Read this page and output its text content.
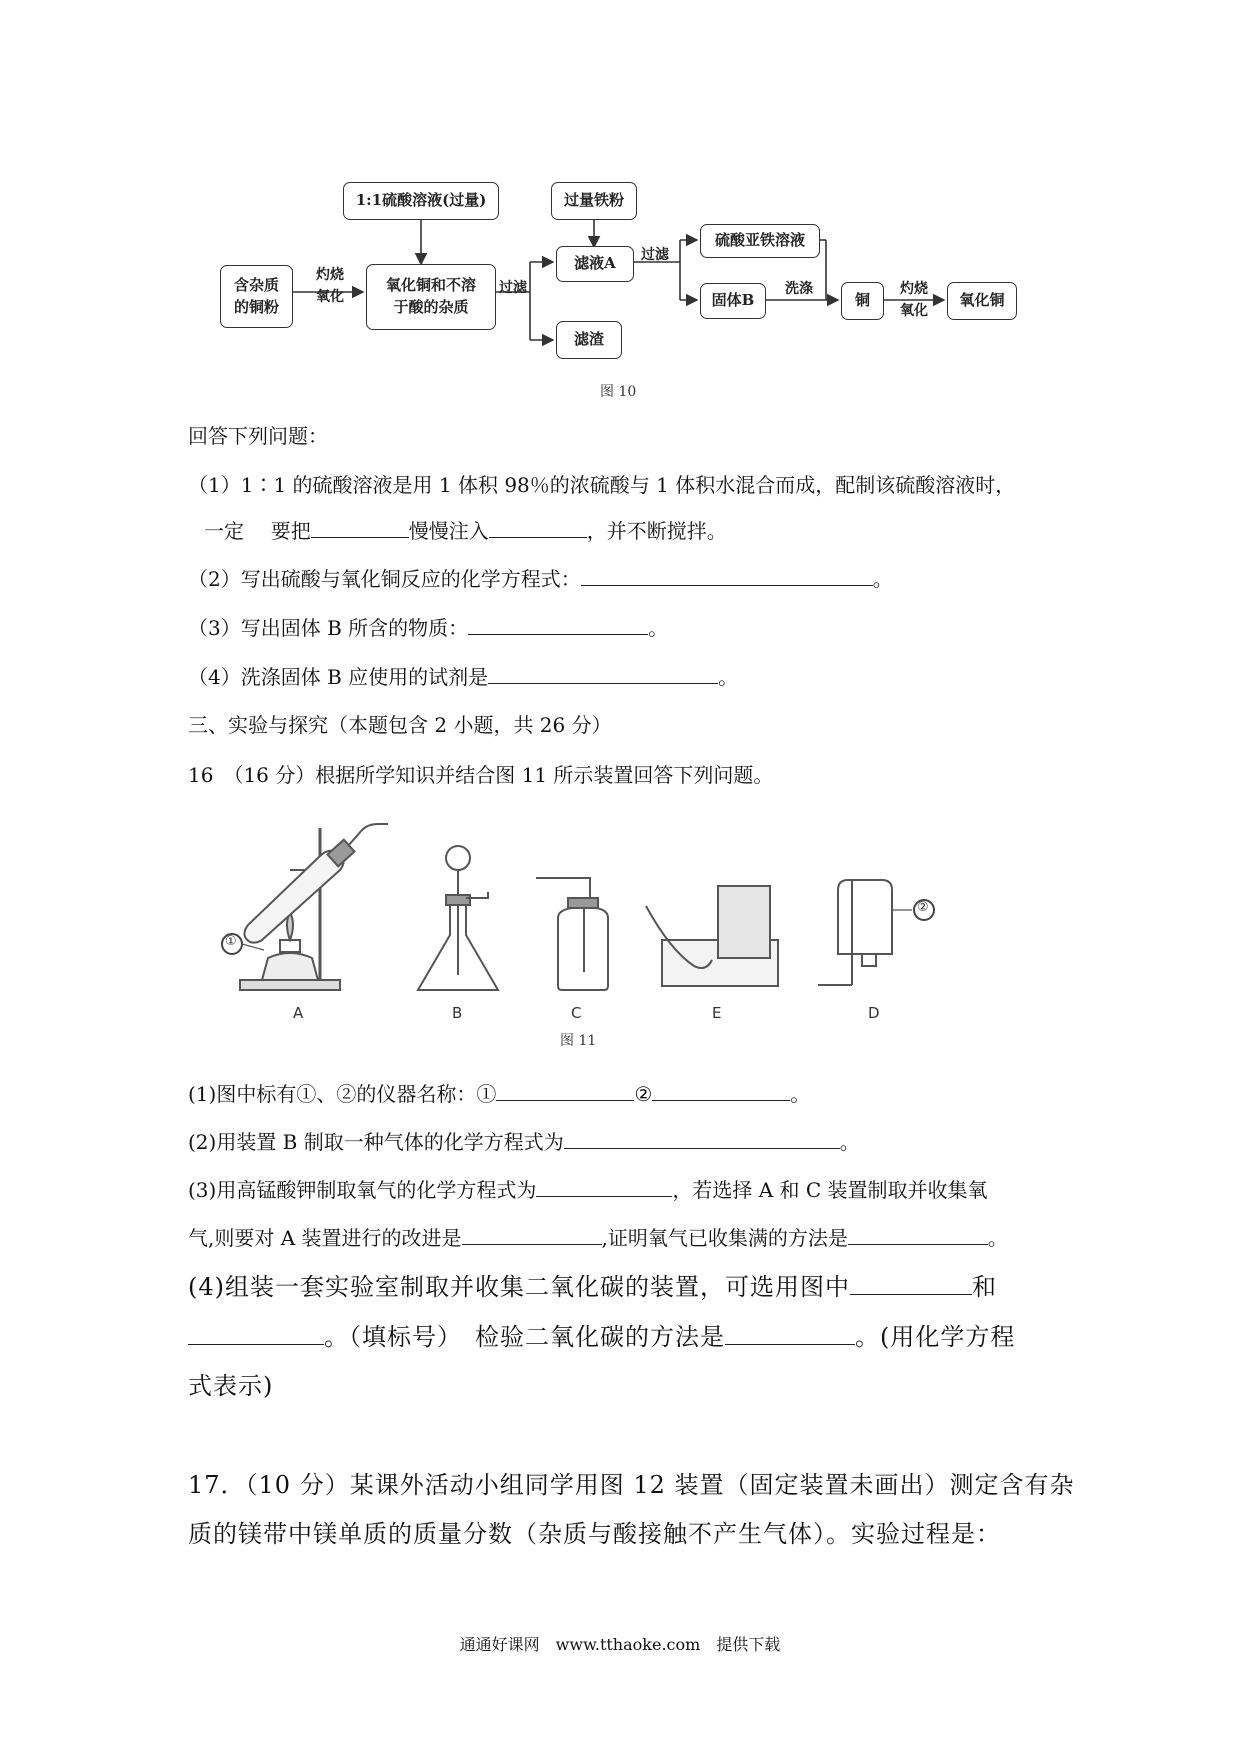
1:1硫酸溶液(过量)	过量铁粉
含杂质
的铜粉
灼烧
氧化
氧化铜和不溶
于酸的杂质
过滤
滤液A
滤渣
过滤
硫酸亚铁溶液
固体B
洗涤
铜
灼烧
氧化
氧化铜
图 10
回答下列问题：
（1）1∶1 的硫酸溶液是用 1 体积 98％的浓硫酸与 1 体积水混合而成，配制该硫酸溶液时，
一定 要把	慢慢注入	，并不断搅拌。
（2）写出硫酸与氧化铜反应的化学方程式：	。
（3）写出固体 B 所含的物质：	。
（4）洗涤固体 B 应使用的试剂是	。
三、实验与探究（本题包含 2 小题，共 26 分）
16　（16 分）根据所学知识并结合图 11 所示装置回答下列问题。
①
②
A	B	C	E	D
图 11
(1)图中标有①、②的仪器名称：①	②	。
(2)用装置 B 制取一种气体的化学方程式为	。
(3)用高锰酸钾制取氧气的化学方程式为	，若选择 A 和 C 装置制取并收集氧
气,则要对 A 装置进行的改进是	,证明氧气已收集满的方法是	。
(4)组装一套实验室制取并收集二氧化碳的装置，可选用图中	和
。（填标号）　检验二氧化碳的方法是	。(用化学方程
式表示)
17．（10 分）某课外活动小组同学用图 12 装置（固定装置未画出）测定含有杂
质的镁带中镁单质的质量分数（杂质与酸接触不产生气体）。实验过程是：
通通好课网　www.tthaoke.com　提供下载
